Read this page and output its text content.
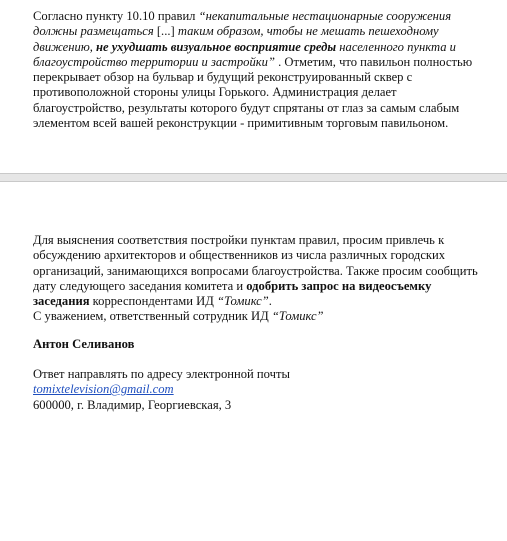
Согласно пункту 10.10 правил “некапитальные нестационарные сооружения
должны размещаться [...] таким образом, чтобы не мешать пешеходному
движению, не ухудшать визуальное восприятие среды населенного пункта и
благоустройство территории и застройки” . Отметим, что павильон полностью
перекрывает обзор на бульвар и будущий реконструированный сквер с
противоположной стороны улицы Горького. Администрация делает
благоустройство, результаты которого будут спрятаны от глаз за самым слабым
элементом всей вашей реконструкции - примитивным торговым павильоном.
Для выяснения соответствия постройки пунктам правил, просим привлечь к
обсуждению архитекторов и общественников из числа различных городских
организаций, занимающихся вопросами благоустройства. Также просим сообщить
дату следующего заседания комитета и одобрить запрос на видеосъемку
заседания корреспондентами ИД “Томикс”.
С уважением, ответственный сотрудник ИД “Томикс”
Антон Селиванов
Ответ направлять по адресу электронной почты
tomixtelevision@gmail.com
600000, г. Владимир, Георгиевская, 3
